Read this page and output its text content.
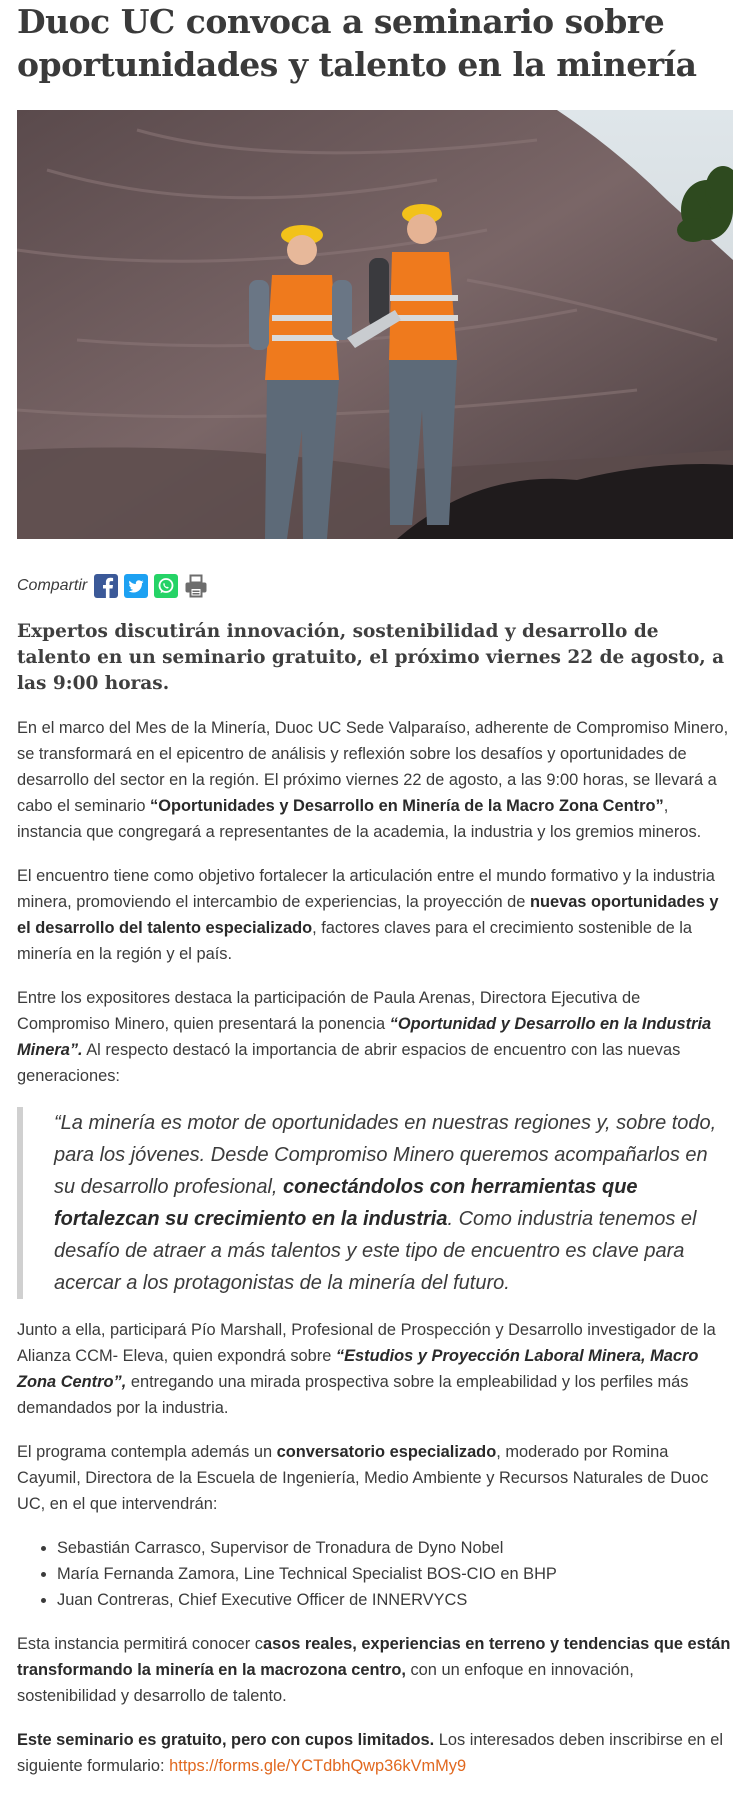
Duoc UC convoca a seminario sobre
oportunidades y talento en la minería
Compartir

Expertos discutirán innovación, sostenibilidad y desarrollo de talento en un seminario gratuito, el próximo viernes 22 de agosto, a las 9:00 horas.

En el marco del Mes de la Minería, Duoc UC Sede Valparaíso, adherente de Compromiso Minero, se transformará en el epicentro de análisis y reflexión sobre los desafíos y oportunidades de desarrollo del sector en la región. El próximo viernes 22 de agosto, a las 9:00 horas, se llevará a cabo el seminario “Oportunidades y Desarrollo en Minería de la Macro Zona Centro”, instancia que congregará a representantes de la academia, la industria y los gremios mineros.

El encuentro tiene como objetivo fortalecer la articulación entre el mundo formativo y la industria minera, promoviendo el intercambio de experiencias, la proyección de nuevas oportunidades y el desarrollo del talento especializado, factores claves para el crecimiento sostenible de la minería en la región y el país.

Entre los expositores destaca la participación de Paula Arenas, Directora Ejecutiva de Compromiso Minero, quien presentará la ponencia “Oportunidad y Desarrollo en la Industria Minera”. Al respecto destacó la importancia de abrir espacios de encuentro con las nuevas generaciones:

“La minería es motor de oportunidades en nuestras regiones y, sobre todo, para los jóvenes. Desde Compromiso Minero queremos acompañarlos en su desarrollo profesional, conectándolos con herramientas que fortalezcan su crecimiento en la industria. Como industria tenemos el desafío de atraer a más talentos y este tipo de encuentro es clave para acercar a los protagonistas de la minería del futuro.

Junto a ella, participará Pío Marshall, Profesional de Prospección y Desarrollo investigador de la Alianza CCM- Eleva, quien expondrá sobre “Estudios y Proyección Laboral Minera, Macro Zona Centro”, entregando una mirada prospectiva sobre la empleabilidad y los perfiles más demandados por la industria.

El programa contempla además un conversatorio especializado, moderado por Romina Cayumil, Directora de la Escuela de Ingeniería, Medio Ambiente y Recursos Naturales de Duoc UC, en el que intervendrán:

• Sebastián Carrasco, Supervisor de Tronadura de Dyno Nobel
• María Fernanda Zamora, Line Technical Specialist BOS-CIO en BHP
• Juan Contreras, Chief Executive Officer de INNERVYCS

Esta instancia permitirá conocer casos reales, experiencias en terreno y tendencias que están transformando la minería en la macrozona centro, con un enfoque en innovación, sostenibilidad y desarrollo de talento.

Este seminario es gratuito, pero con cupos limitados. Los interesados deben inscribirse en el siguiente formulario: https://forms.gle/YCTdbhQwp36kVmMy9
